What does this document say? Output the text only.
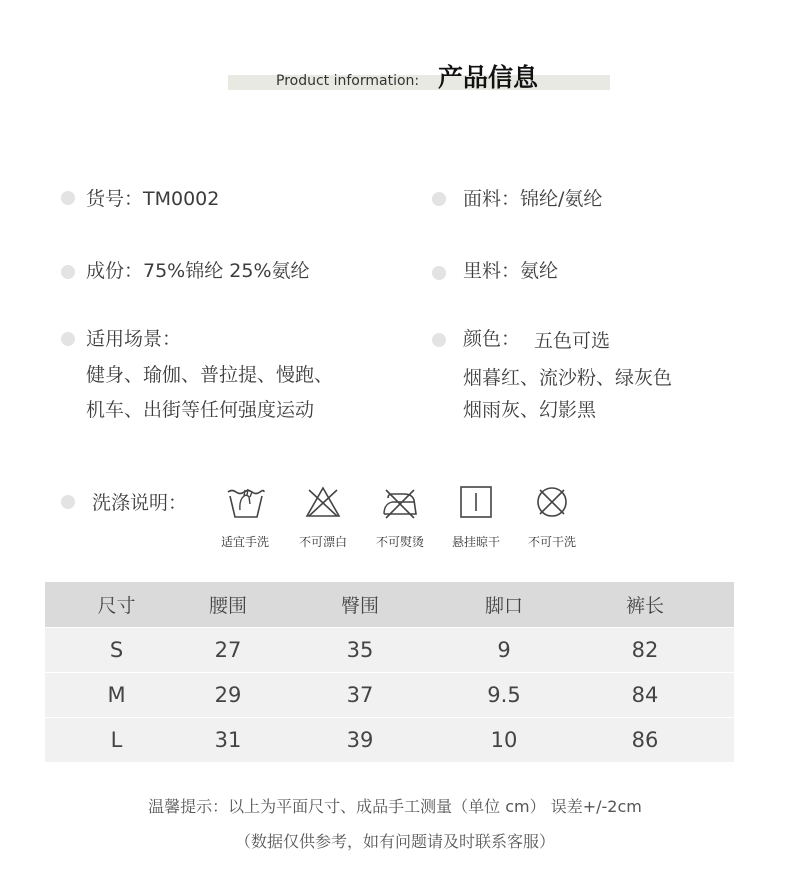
Product information: 产品信息
货号：TM0002
成份：75%锦纶 25%氨纶
适用场景：
健身、瑜伽、普拉提、慢跑、
机车、出街等任何强度运动
面料：锦纶/氨纶
里料：氨纶
颜色： 五色可选
烟暮红、流沙粉、绿灰色
烟雨灰、幻影黑
洗涤说明：
适宜手洗	不可漂白	不可熨烫	悬挂晾干	不可干洗
尺寸	腰围	臀围	脚口	裤长
S	27	35	9	82
M	29	37	9.5	84
L	31	39	10	86
温馨提示：以上为平面尺寸、成品手工测量（单位 cm） 误差+/-2cm
（数据仅供参考，如有问题请及时联系客服）
